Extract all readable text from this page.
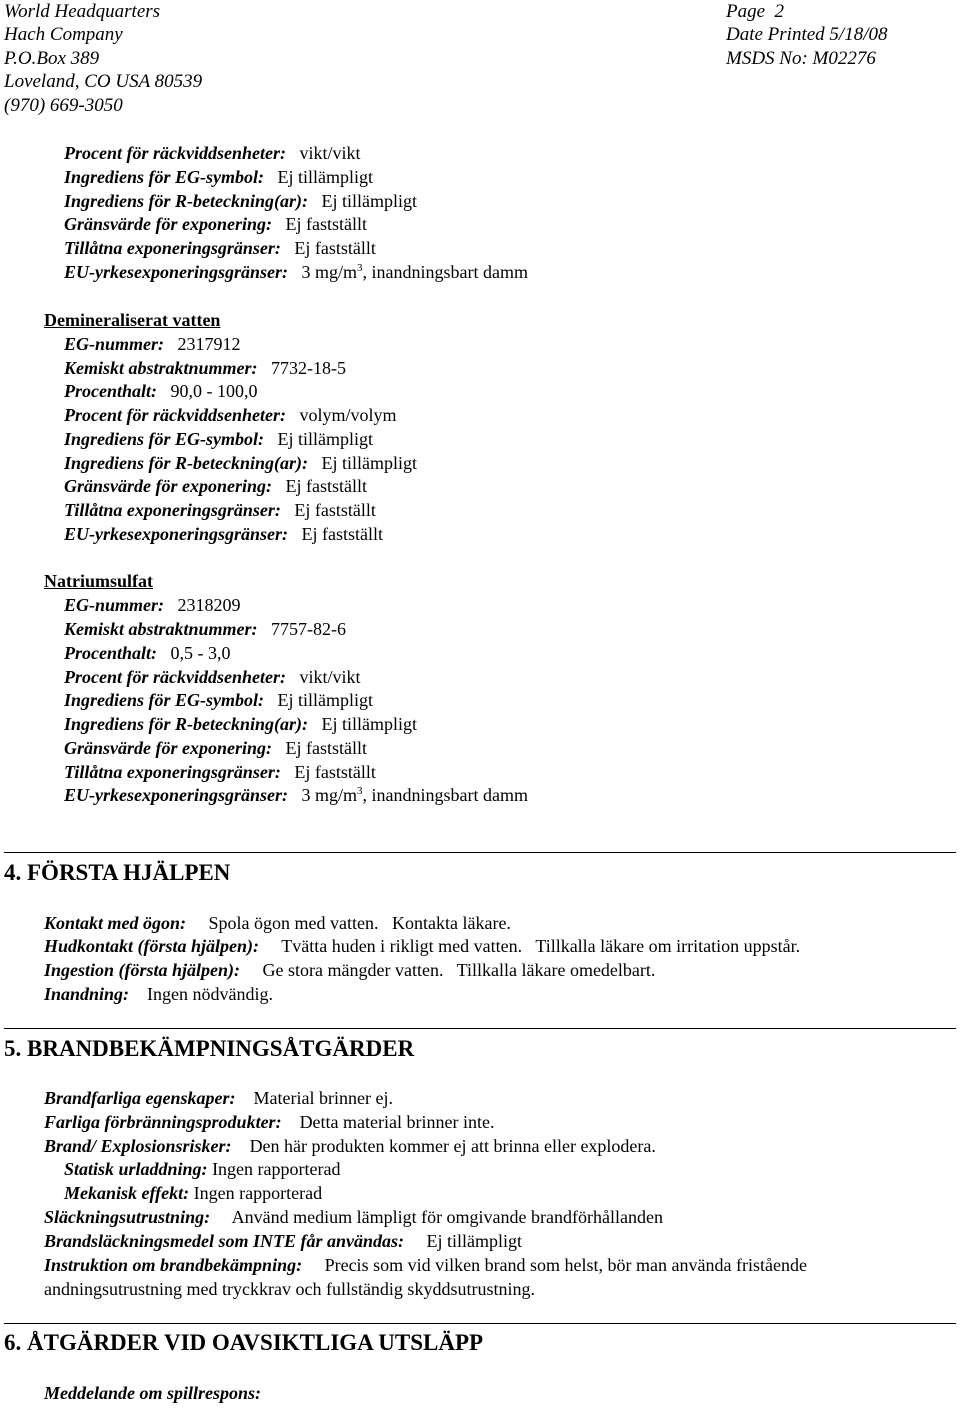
World Headquarters
Hach Company
P.O.Box 389
Loveland, CO USA 80539
(970) 669-3050
Page  2
Date Printed 5/18/08
MSDS No: M02276
Procent för räckviddsenheter: vikt/vikt
Ingrediens för EG-symbol: Ej tillämpligt
Ingrediens för R-beteckning(ar): Ej tillämpligt
Gränsvärde för exponering: Ej fastställt
Tillåtna exponeringsgränser: Ej fastställt
EU-yrkesexponeringsgränser: 3 $mg/m^3$, inandningsbart damm
Demineraliserat vatten
EG-nummer: 2317912
Kemiskt abstraktnummer: 7732-18-5
Procenthalt: 90,0 - 100,0
Procent för räckviddsenheter: volym/volym
Ingrediens för EG-symbol: Ej tillämpligt
Ingrediens för R-beteckning(ar): Ej tillämpligt
Gränsvärde för exponering: Ej fastställt
Tillåtna exponeringsgränser: Ej fastställt
EU-yrkesexponeringsgränser: Ej fastställt
Natriumsulfat
EG-nummer: 2318209
Kemiskt abstraktnummer: 7757-82-6
Procenthalt: 0,5 - 3,0
Procent för räckviddsenheter: vikt/vikt
Ingrediens för EG-symbol: Ej tillämpligt
Ingrediens för R-beteckning(ar): Ej tillämpligt
Gränsvärde för exponering: Ej fastställt
Tillåtna exponeringsgränser: Ej fastställt
EU-yrkesexponeringsgränser: 3 $mg/m^3$, inandningsbart damm
4. FÖRSTA HJÄLPEN
Kontakt med ögon: Spola ögon med vatten.   Kontakta läkare.
Hudkontakt (första hjälpen): Tvätta huden i rikligt med vatten.   Tillkalla läkare om irritation uppstår.
Ingestion (första hjälpen): Ge stora mängder vatten.   Tillkalla läkare omedelbart.
Inandning: Ingen nödvändig.
5. BRANDBEKÄMPNINGSÅTGÄRDER
Brandfarliga egenskaper: Material brinner ej.
Farliga förbränningsprodukter: Detta material brinner inte.
Brand/ Explosionsrisker: Den här produkten kommer ej att brinna eller explodera.
Statisk urladdning: Ingen rapporterad
Mekanisk effekt: Ingen rapporterad
Släckningsutrustning: Använd medium lämpligt för omgivande brandförhållanden
Brandsläckningsmedel som INTE får användas: Ej tillämpligt
Instruktion om brandbekämpning: Precis som vid vilken brand som helst, bör man använda fristående
andningsutrustning med tryckkrav och fullständig skyddsutrustning.
6. ÅTGÄRDER VID OAVSIKTLIGA UTSLÄPP
Meddelande om spillrespons:
